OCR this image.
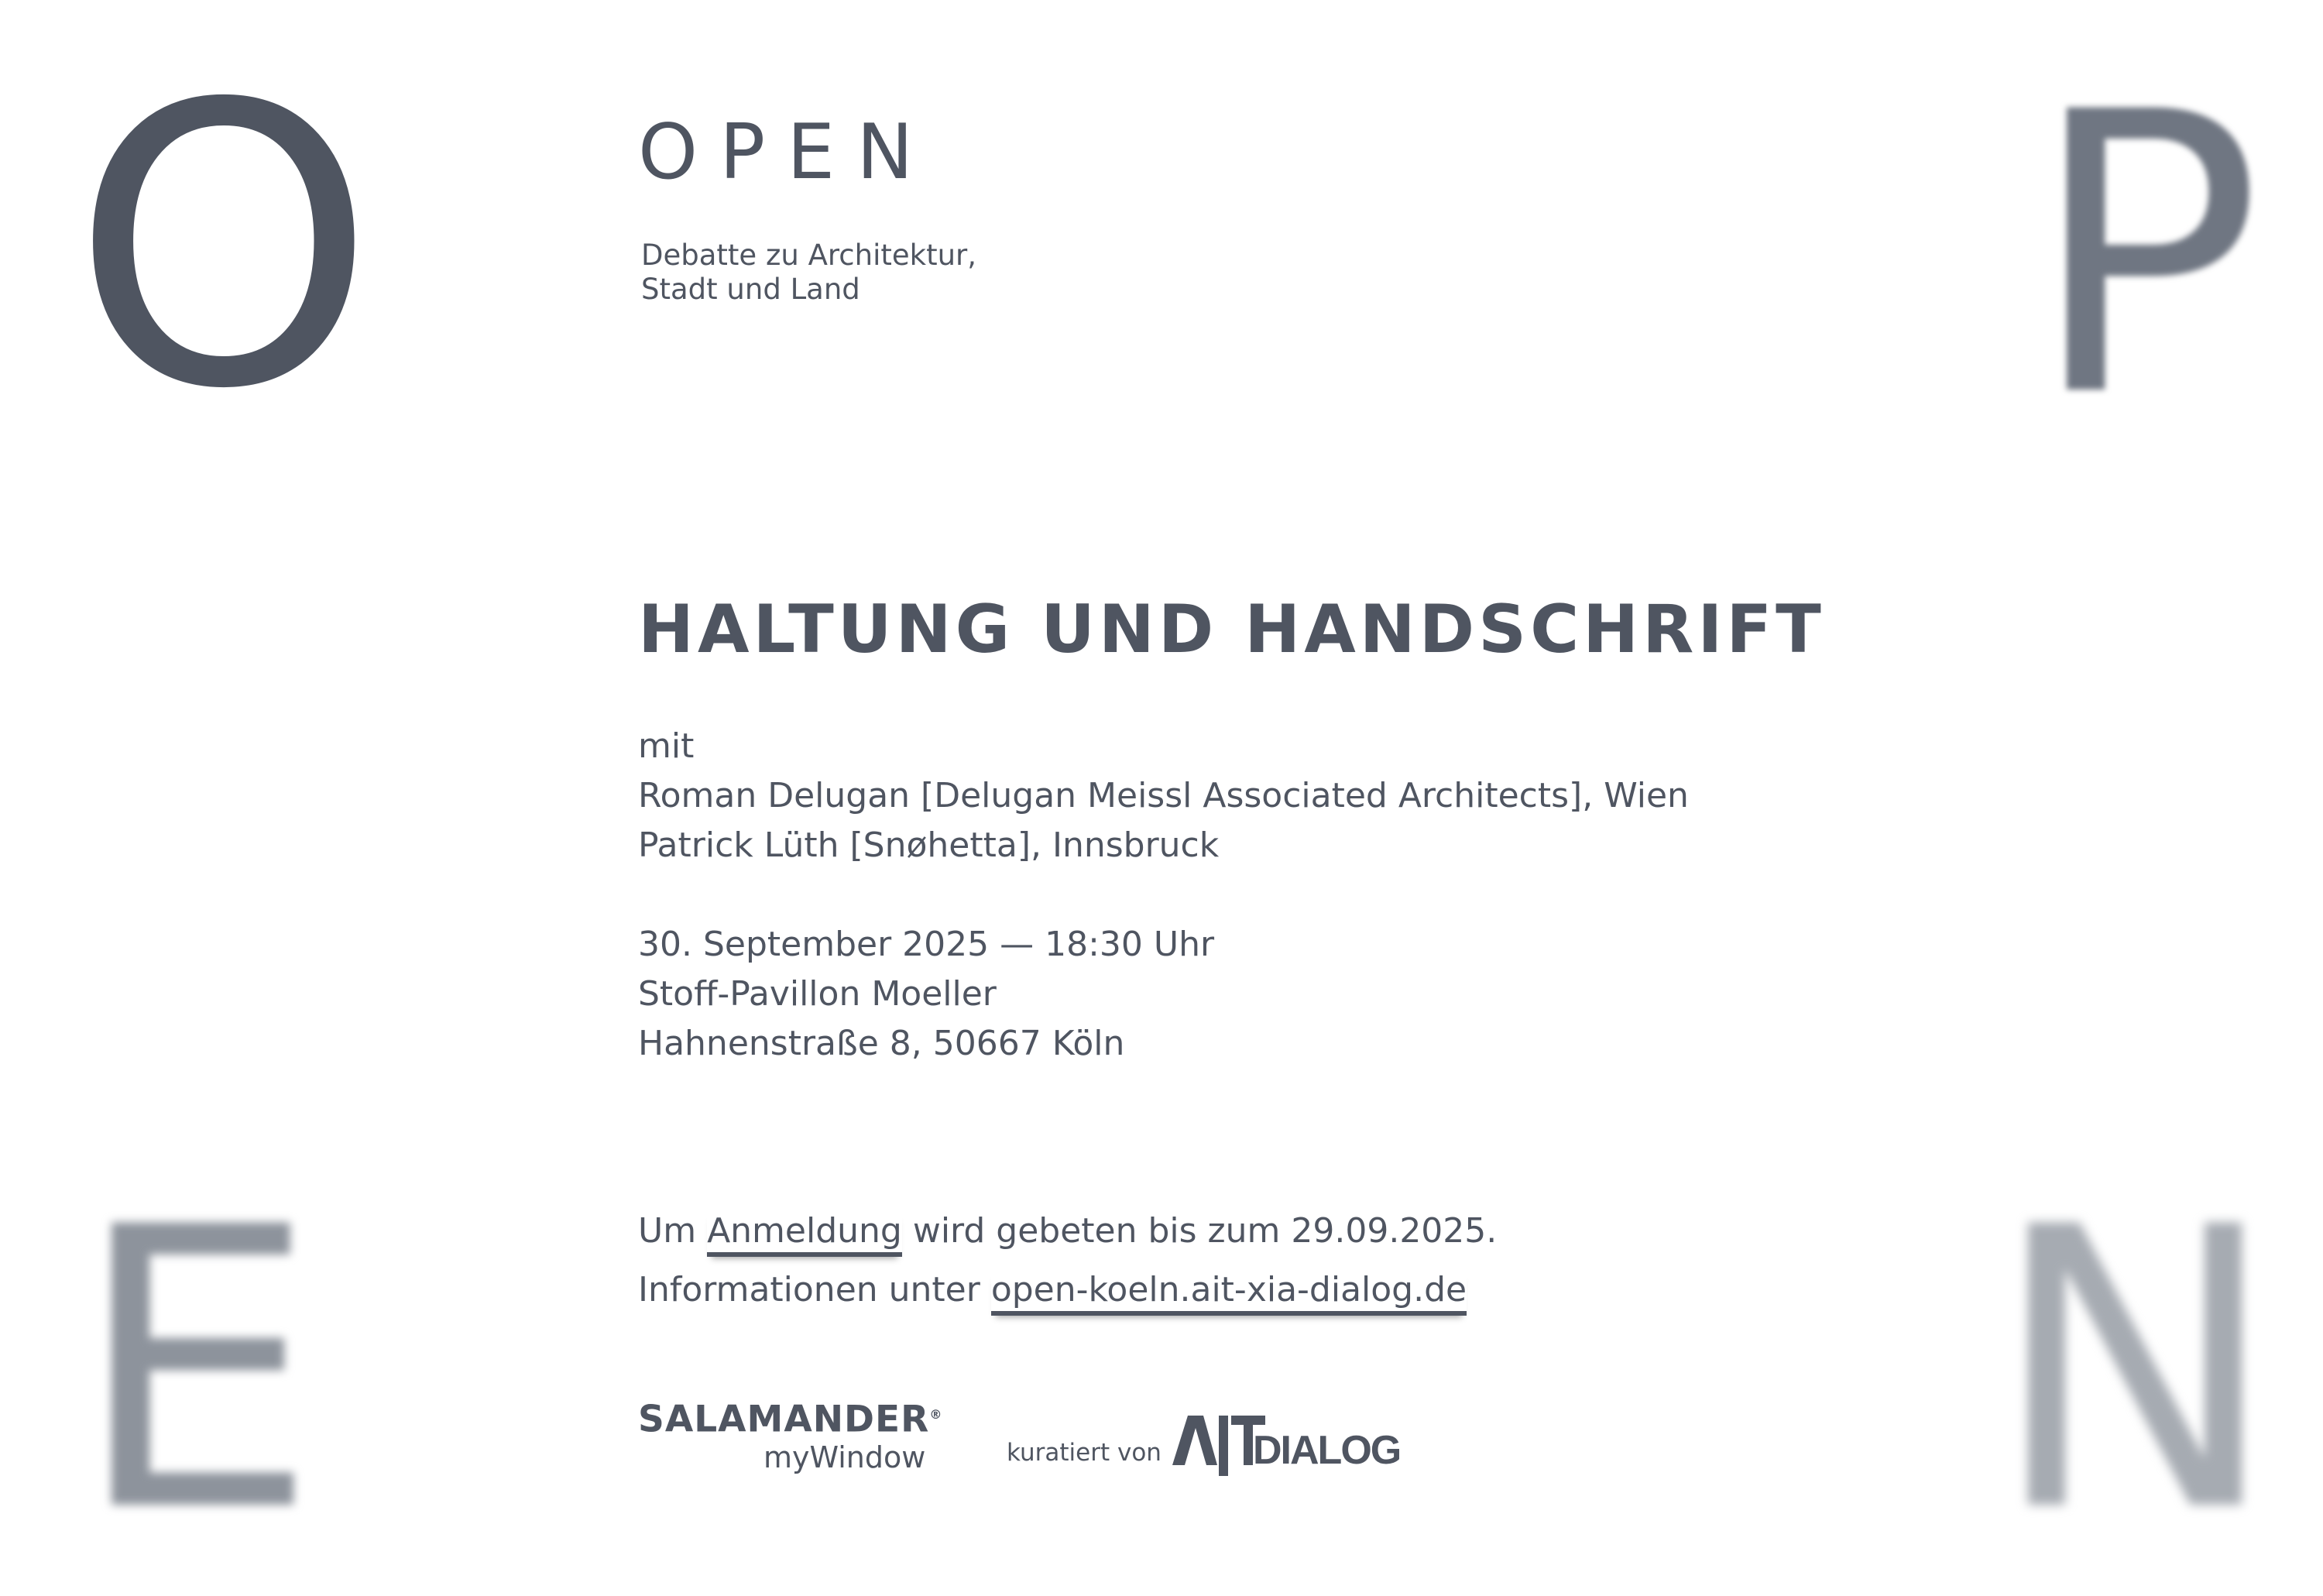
O	P
E	N
OPEN

Debatte zu Architektur,
Stadt und Land

HALTUNG UND HANDSCHRIFT
mit
Roman Delugan [Delugan Meissl Associated Architects], Wien
Patrick Lüth [Snøhetta], Innsbruck
30. September 2025 — 18:30 Uhr
Stoff-Pavillon Moeller
Hahnenstraße 8, 50667 Köln
Um Anmeldung wird gebeten bis zum 29.09.2025.
Informationen unter open-koeln.ait-xia-dialog.de
SALAMANDER®
myWindow	kuratiert von DIALOG
